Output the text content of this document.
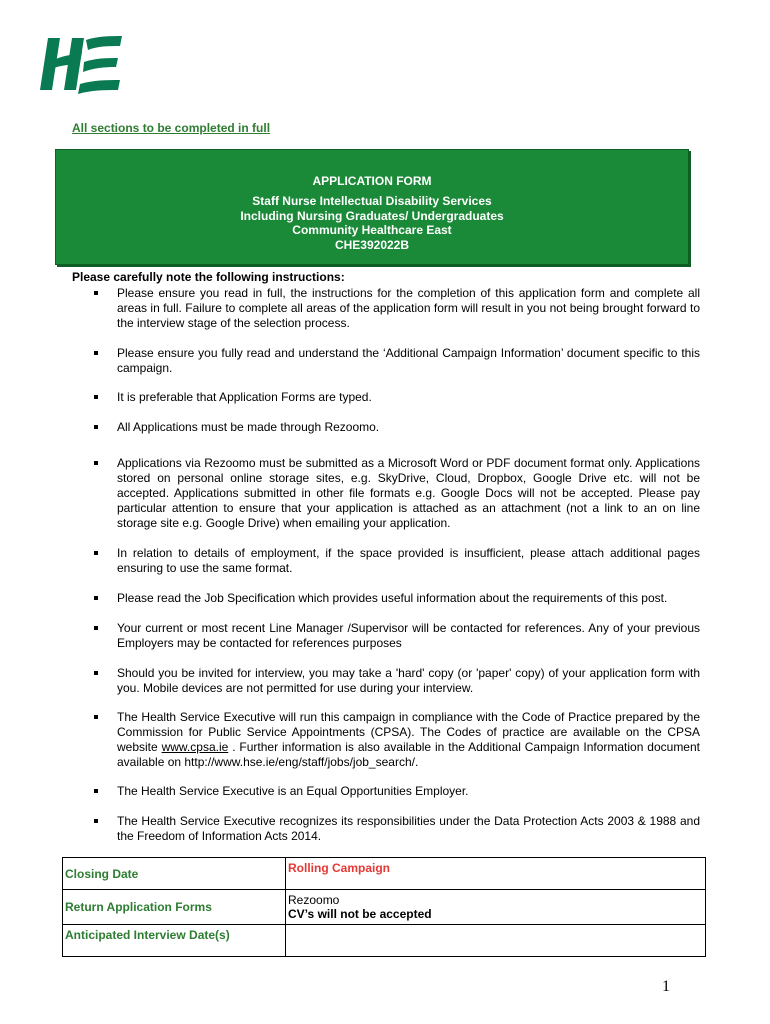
All sections to be completed in full
APPLICATION FORM
Staff Nurse Intellectual Disability Services
Including Nursing Graduates/ Undergraduates
Community Healthcare East
CHE392022B
Please carefully note the following instructions:
Please ensure you read in full, the instructions for the completion of this application form and complete all areas in full. Failure to complete all areas of the application form will result in you not being brought forward to the interview stage of the selection process.
Please ensure you fully read and understand the ‘Additional Campaign Information’ document specific to this campaign.
It is preferable that Application Forms are typed.
All Applications must be made through Rezoomo.
Applications via Rezoomo must be submitted as a Microsoft Word or PDF document format only. Applications stored on personal online storage sites, e.g. SkyDrive, Cloud, Dropbox, Google Drive etc. will not be accepted. Applications submitted in other file formats e.g. Google Docs will not be accepted. Please pay particular attention to ensure that your application is attached as an attachment (not a link to an on line storage site e.g. Google Drive) when emailing your application.
In relation to details of employment, if the space provided is insufficient, please attach additional pages ensuring to use the same format.
Please read the Job Specification which provides useful information about the requirements of this post.
Your current or most recent Line Manager /Supervisor will be contacted for references. Any of your previous Employers may be contacted for references purposes
Should you be invited for interview, you may take a 'hard' copy (or 'paper' copy) of your application form with you. Mobile devices are not permitted for use during your interview.
The Health Service Executive will run this campaign in compliance with the Code of Practice prepared by the Commission for Public Service Appointments (CPSA). The Codes of practice are available on the CPSA website www.cpsa.ie . Further information is also available in the Additional Campaign Information document available on http://www.hse.ie/eng/staff/jobs/job_search/.
The Health Service Executive is an Equal Opportunities Employer.
The Health Service Executive recognizes its responsibilities under the Data Protection Acts 2003 & 1988 and the Freedom of Information Acts 2014.
Closing Date	Rolling Campaign
Return Application Forms	Rezoomo
CV’s will not be accepted

Anticipated Interview Date(s)	
1
